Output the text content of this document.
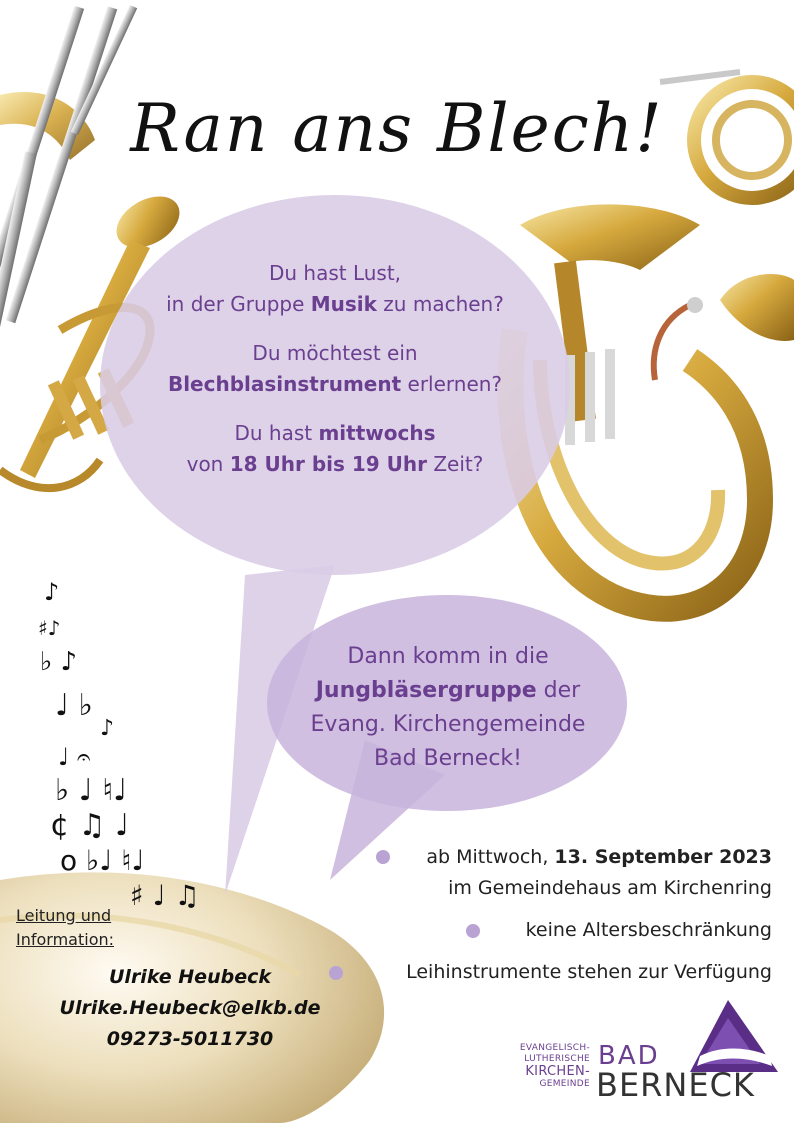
♪
♯♪
♭ ♪
♩ ♭
♪
♩ 𝄐
♭ ♩ ♮♩
¢ ♫ ♩
o ♭♩ ♮♩
♯ ♩ ♫
Ran ans Blech!

Du hast Lust,
in der Gruppe Musik zu machen?

Du möchtest ein
Blechblasinstrument erlernen?

Du hast mittwochs
von 18 Uhr bis 19 Uhr Zeit?

Dann komm in die
Jungbläsergruppe der
Evang. Kirchengemeinde
Bad Berneck!
ab Mittwoch, 13. September 2023
im Gemeindehaus am Kirchenring
keine Altersbeschränkung
Leihinstrumente stehen zur Verfügung
Leitung und
Information:
Ulrike Heubeck
Ulrike.Heubeck@elkb.de
09273-5011730	EVANGELISCH-
LUTHERISCHE
KIRCHEN-
GEMEINDE
BAD
BERNECK
